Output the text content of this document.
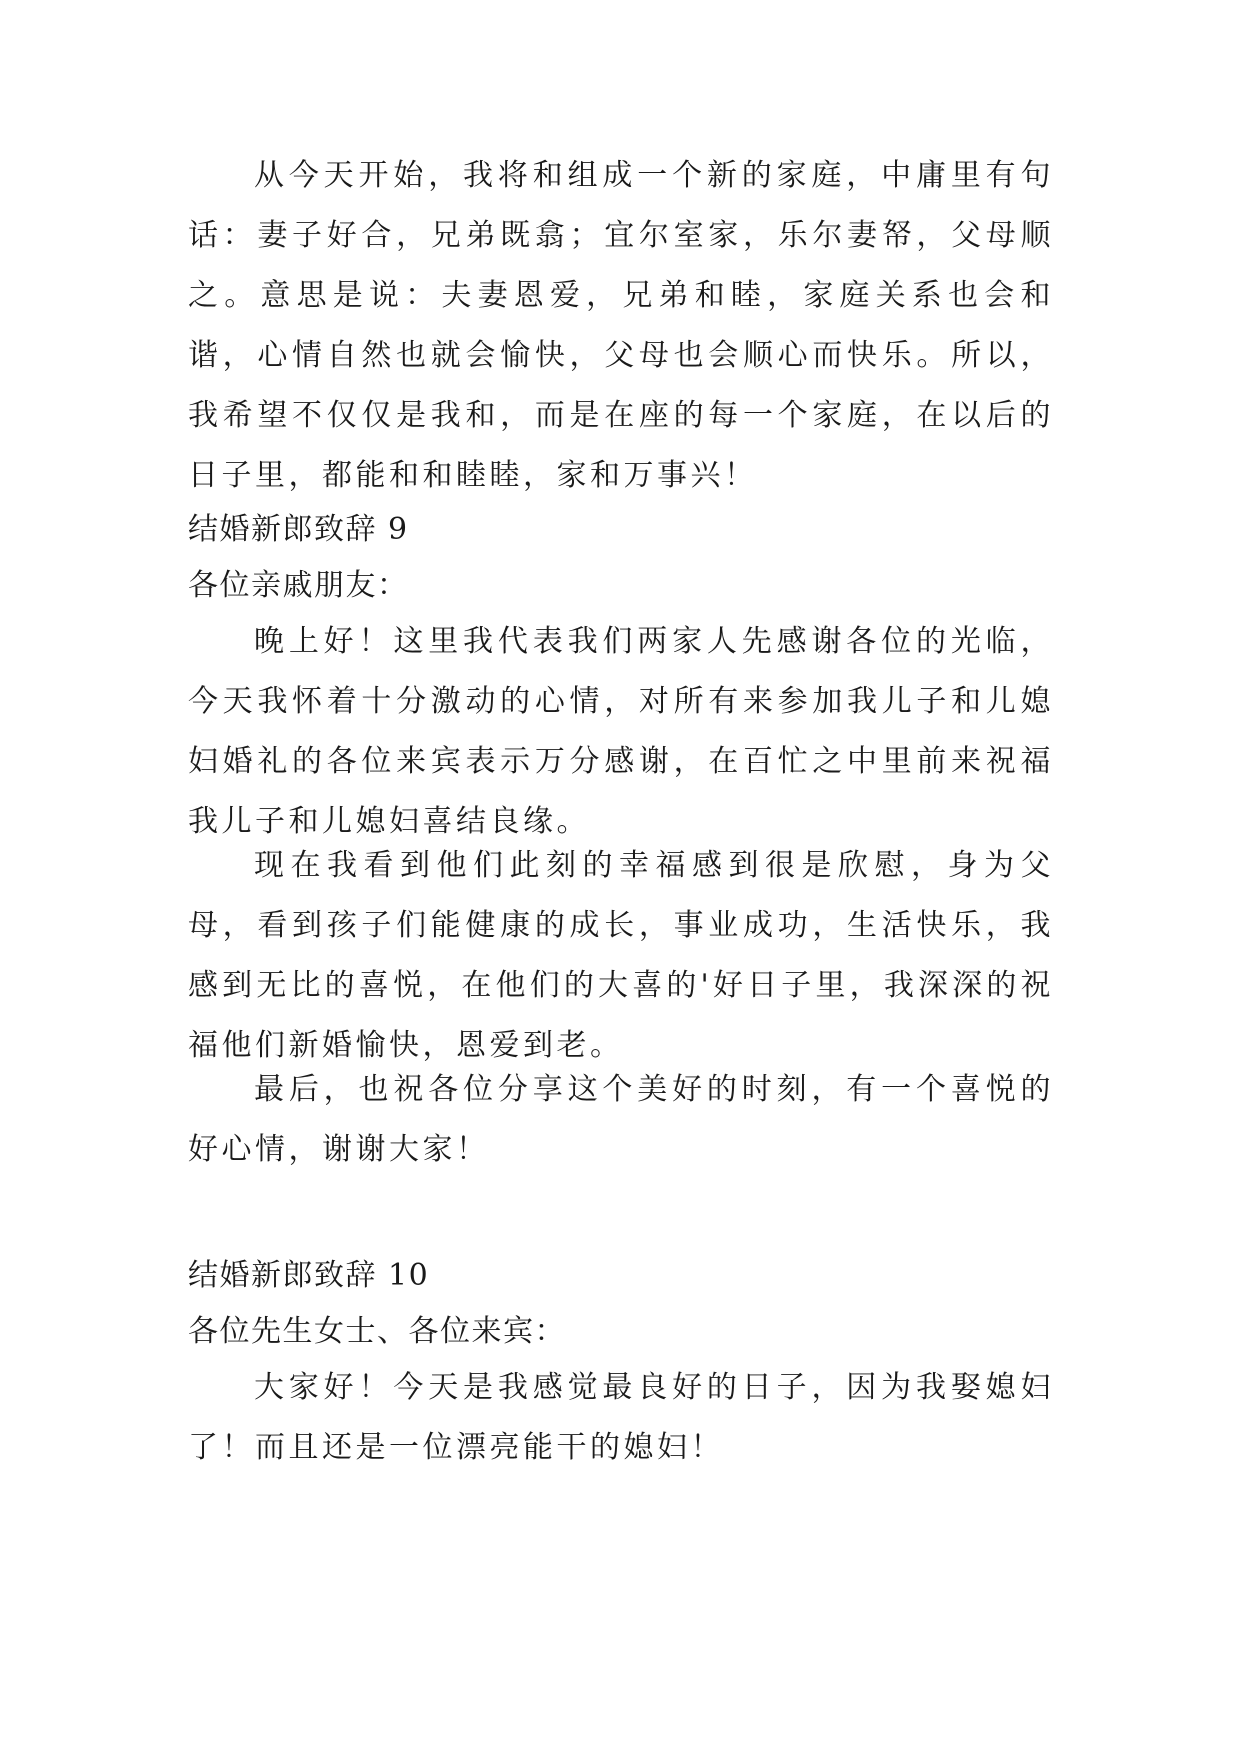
从今天开始，我将和组成一个新的家庭，中庸里有句话：妻子好合，兄弟既翕；宜尔室家，乐尔妻帑，父母顺之。意思是说：夫妻恩爱，兄弟和睦，家庭关系也会和谐，心情自然也就会愉快，父母也会顺心而快乐。所以，我希望不仅仅是我和，而是在座的每一个家庭，在以后的日子里，都能和和睦睦，家和万事兴！

结婚新郎致辞 9

各位亲戚朋友：

晚上好！这里我代表我们两家人先感谢各位的光临，今天我怀着十分激动的心情，对所有来参加我儿子和儿媳妇婚礼的各位来宾表示万分感谢，在百忙之中里前来祝福我儿子和儿媳妇喜结良缘。

现在我看到他们此刻的幸福感到很是欣慰，身为父母，看到孩子们能健康的成长，事业成功，生活快乐，我感到无比的喜悦，在他们的大喜的'好日子里，我深深的祝福他们新婚愉快，恩爱到老。

最后，也祝各位分享这个美好的时刻，有一个喜悦的好心情，谢谢大家！

结婚新郎致辞 10

各位先生女士、各位来宾：

大家好！今天是我感觉最良好的日子，因为我娶媳妇了！而且还是一位漂亮能干的媳妇！
